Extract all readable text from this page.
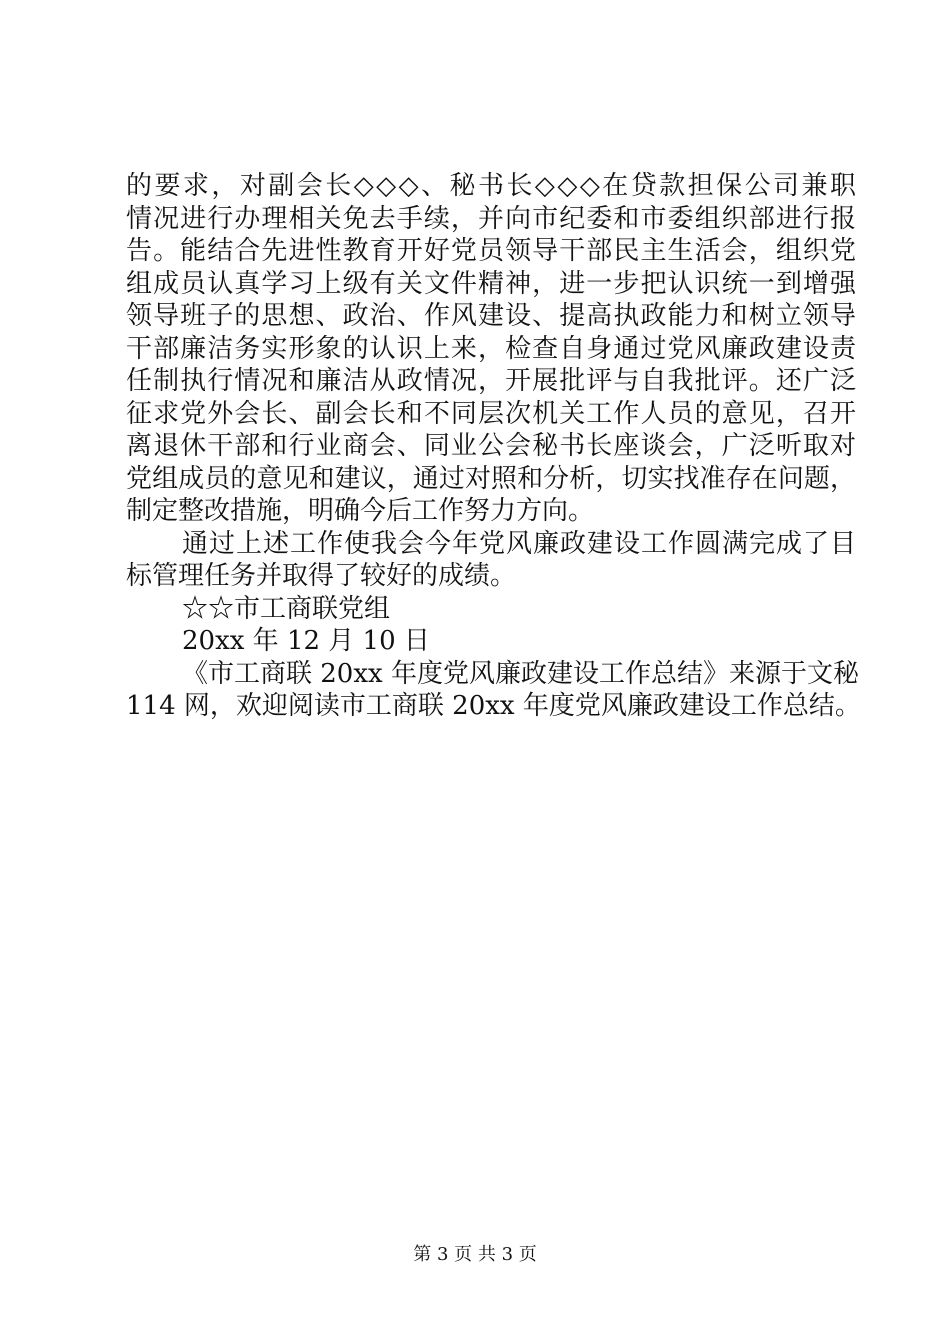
的要求，对副会长◇◇◇、秘书长◇◇◇在贷款担保公司兼职
情况进行办理相关免去手续，并向市纪委和市委组织部进行报
告。能结合先进性教育开好党员领导干部民主生活会，组织党
组成员认真学习上级有关文件精神，进一步把认识统一到增强
领导班子的思想、政治、作风建设、提高执政能力和树立领导
干部廉洁务实形象的认识上来，检查自身通过党风廉政建设责
任制执行情况和廉洁从政情况，开展批评与自我批评。还广泛
征求党外会长、副会长和不同层次机关工作人员的意见，召开
离退休干部和行业商会、同业公会秘书长座谈会，广泛听取对
党组成员的意见和建议，通过对照和分析，切实找准存在问题，
制定整改措施，明确今后工作努力方向。
通过上述工作使我会今年党风廉政建设工作圆满完成了目
标管理任务并取得了较好的成绩。
☆☆市工商联党组
20xx 年 12 月 10 日
《市工商联 20xx 年度党风廉政建设工作总结》来源于文秘
114 网，欢迎阅读市工商联 20xx 年度党风廉政建设工作总结。
第 3 页 共 3 页
